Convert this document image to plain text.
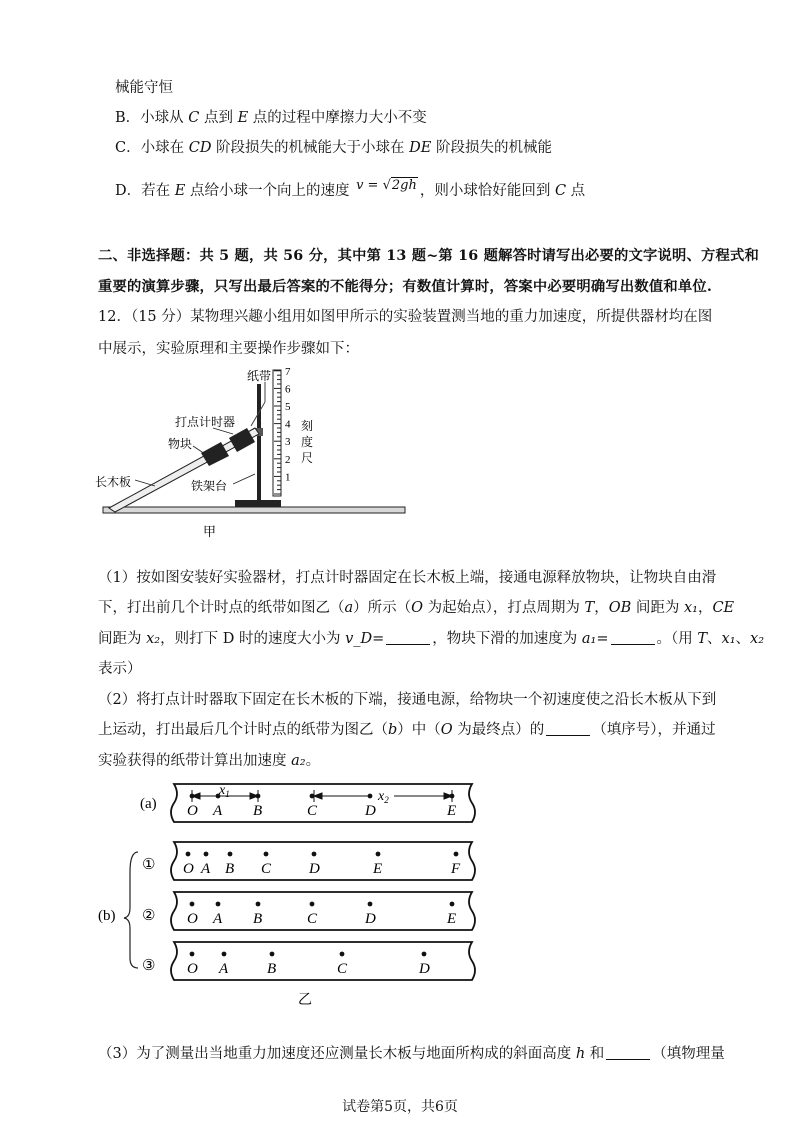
械能守恒
B．小球从 C 点到 E 点的过程中摩擦力大小不变
C．小球在 CD 阶段损失的机械能大于小球在 DE 阶段损失的机械能
D．若在 E 点给小球一个向上的速度 v = √2gh ，则小球恰好能回到 C 点
二、非选择题：共 5 题，共 56 分，其中第 13 题~第 16 题解答时请写出必要的文字说明、方程式和
重要的演算步骤，只写出最后答案的不能得分；有数值计算时，答案中必要明确写出数值和单位.
12．（15 分）某物理兴趣小组用如图甲所示的实验装置测当地的重力加速度，所提供器材均在图
中展示，实验原理和主要操作步骤如下：
纸带
打点计时器
物块
长木板	铁架台
刻
度
尺
1
2
3
4
5
6
7
甲
（1）按如图安装好实验器材，打点计时器固定在长木板上端，接通电源释放物块，让物块自由滑
下，打出前几个计时点的纸带如图乙（a）所示（O 为起始点），打点周期为 T，OB 间距为 x₁，CE
间距为 x₂，则打下 D 时的速度大小为 v_D=	，物块下滑的加速度为 a₁=	。（用 T、x₁、x₂
表示）
（2）将打点计时器取下固定在长木板的下端，接通电源，给物块一个初速度使之沿长木板从下到
上运动，打出最后几个计时点的纸带为图乙（b）中（O 为最终点）的	（填序号），并通过
实验获得的纸带计算出加速度 a₂。
O A B	C	D	E
O A B C	D	E	F
O A B	C	D	E
O A	B	C	D
(a)
(b)
①
②
③
$x_1$	$x_2$
乙
（3）为了测量出当地重力加速度还应测量长木板与地面所构成的斜面高度 h 和	（填物理量
试卷第5页，共6页
